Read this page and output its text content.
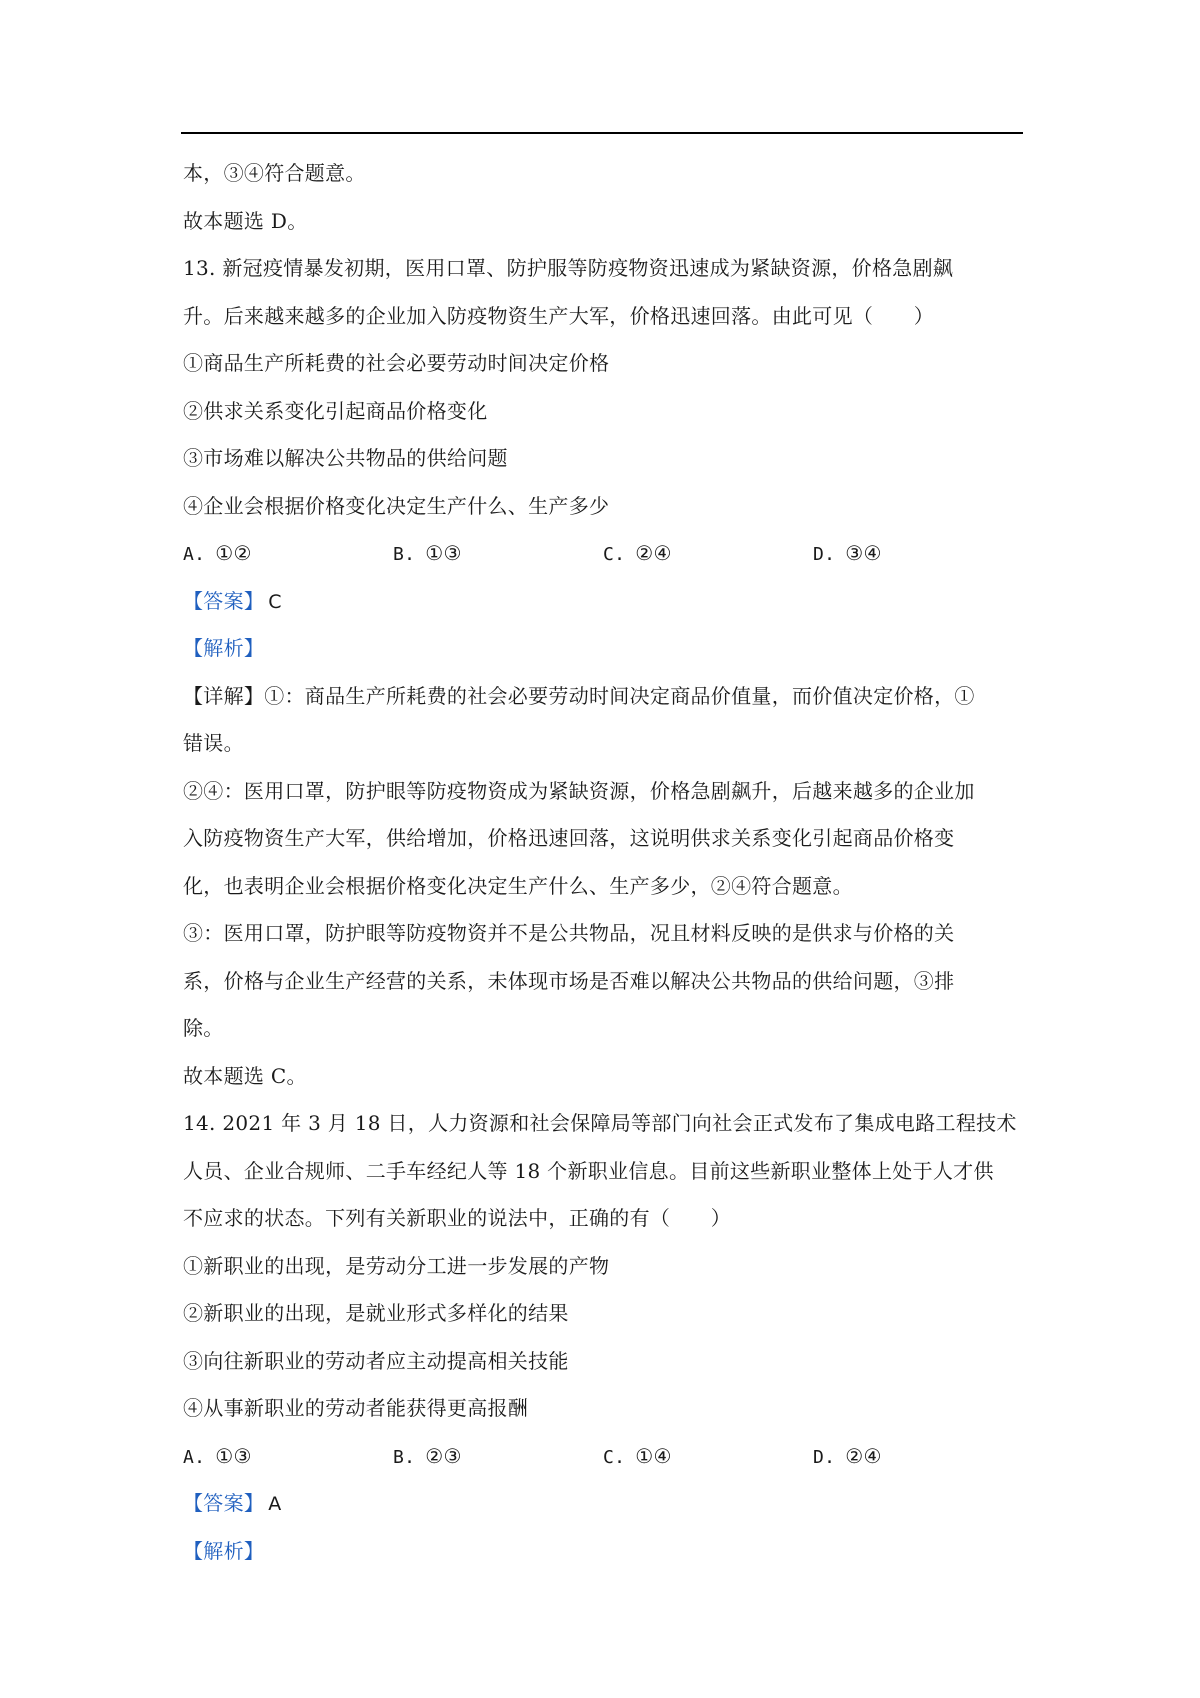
本，③④符合题意。
故本题选 D。
13. 新冠疫情暴发初期，医用口罩、防护服等防疫物资迅速成为紧缺资源，价格急剧飙
升。后来越来越多的企业加入防疫物资生产大军，价格迅速回落。由此可见（　　）
①商品生产所耗费的社会必要劳动时间决定价格
②供求关系变化引起商品价格变化
③市场难以解决公共物品的供给问题
④企业会根据价格变化决定生产什么、生产多少
A. ①②	B. ①③	C. ②④	D. ③④
【答案】 C
【解析】
【详解】①：商品生产所耗费的社会必要劳动时间决定商品价值量，而价值决定价格，①
错误。
②④：医用口罩，防护眼等防疫物资成为紧缺资源，价格急剧飙升，后越来越多的企业加
入防疫物资生产大军，供给增加，价格迅速回落，这说明供求关系变化引起商品价格变
化，也表明企业会根据价格变化决定生产什么、生产多少，②④符合题意。
③：医用口罩，防护眼等防疫物资并不是公共物品，况且材料反映的是供求与价格的关
系，价格与企业生产经营的关系，未体现市场是否难以解决公共物品的供给问题，③排
除。
故本题选 C。
14. 2021 年 3 月 18 日，人力资源和社会保障局等部门向社会正式发布了集成电路工程技术
人员、企业合规师、二手车经纪人等 18 个新职业信息。目前这些新职业整体上处于人才供
不应求的状态。下列有关新职业的说法中，正确的有（　　）
①新职业的出现，是劳动分工进一步发展的产物
②新职业的出现，是就业形式多样化的结果
③向往新职业的劳动者应主动提高相关技能
④从事新职业的劳动者能获得更高报酬
A. ①③	B. ②③	C. ①④	D. ②④
【答案】 A
【解析】
